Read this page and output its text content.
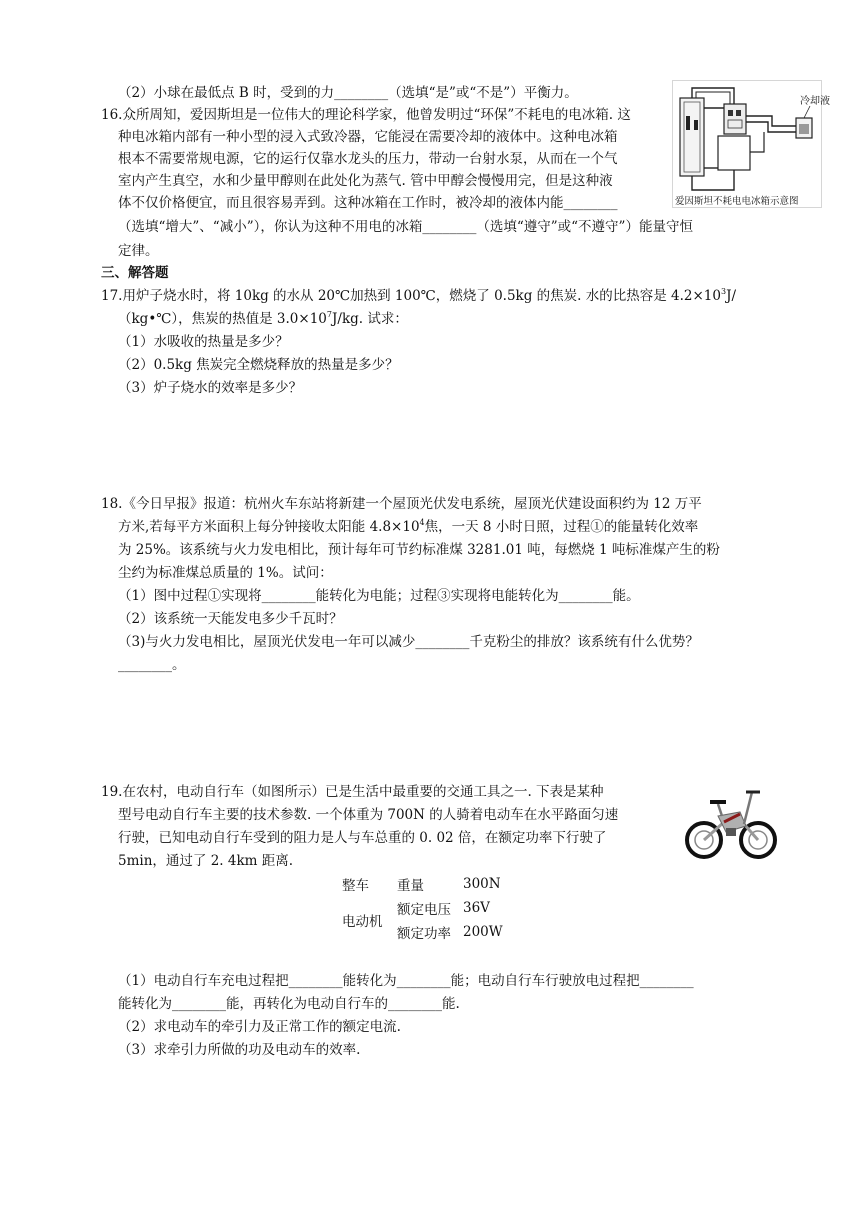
（2）小球在最低点 B 时，受到的力________（选填“是”或“不是”）平衡力。
16.众所周知，爱因斯坦是一位伟大的理论科学家，他曾发明过“环保”不耗电的电冰箱. 这
种电冰箱内部有一种小型的浸入式致冷器，它能浸在需要冷却的液体中。这种电冰箱
根本不需要常规电源，它的运行仅靠水龙头的压力，带动一台射水泵，从而在一个气
室内产生真空，水和少量甲醇则在此处化为蒸气. 管中甲醇会慢慢用完，但是这种液
体不仅价格便宜，而且很容易弄到。这种冰箱在工作时，被冷却的液体内能________
（选填“增大”、“减小”），你认为这种不用电的冰箱________（选填“遵守”或“不遵守”）能量守恒
定律。
冷却液
爱因斯坦不耗电电冰箱示意图
三、解答题
17.用炉子烧水时，将 10kg 的水从 20℃加热到 100℃，燃烧了 0.5kg 的焦炭. 水的比热容是 $4.2\times 10^3J/$
（kg•℃），焦炭的热值是 $3.0\times 10^7J/kg$. 试求：
（1）水吸收的热量是多少？
（2）0.5kg 焦炭完全燃烧释放的热量是多少？
（3）炉子烧水的效率是多少？
18.《今日早报》报道：杭州火车东站将新建一个屋顶光伏发电系统，屋顶光伏建设面积约为 12 万平
方米,若每平方米面积上每分钟接收太阳能 $4.8\times 10^4$焦，一天 8 小时日照，过程①的能量转化效率
为 25%。该系统与火力发电相比，预计每年可节约标准煤 3281.01 吨，每燃烧 1 吨标准煤产生的粉
尘约为标准煤总质量的 1%。试问：
（1）图中过程①实现将________能转化为电能；过程③实现将电能转化为________能。
（2）该系统一天能发电多少千瓦时？
（3)与火力发电相比，屋顶光伏发电一年可以减少________千克粉尘的排放？该系统有什么优势？
________。
19.在农村，电动自行车（如图所示）已是生活中最重要的交通工具之一. 下表是某种
型号电动自行车主要的技术参数. 一个体重为 700N 的人骑着电动车在水平路面匀速
行驶，已知电动自行车受到的阻力是人与车总重的 0. 02 倍，在额定功率下行驶了
5min，通过了 2. 4km 距离.
整车	重量	300N
电动机	额定电压	36V
	额定功率	200W
（1）电动自行车充电过程把________能转化为________能；电动自行车行驶放电过程把________
能转化为________能，再转化为电动自行车的________能.
（2）求电动车的牵引力及正常工作的额定电流.
（3）求牵引力所做的功及电动车的效率.
